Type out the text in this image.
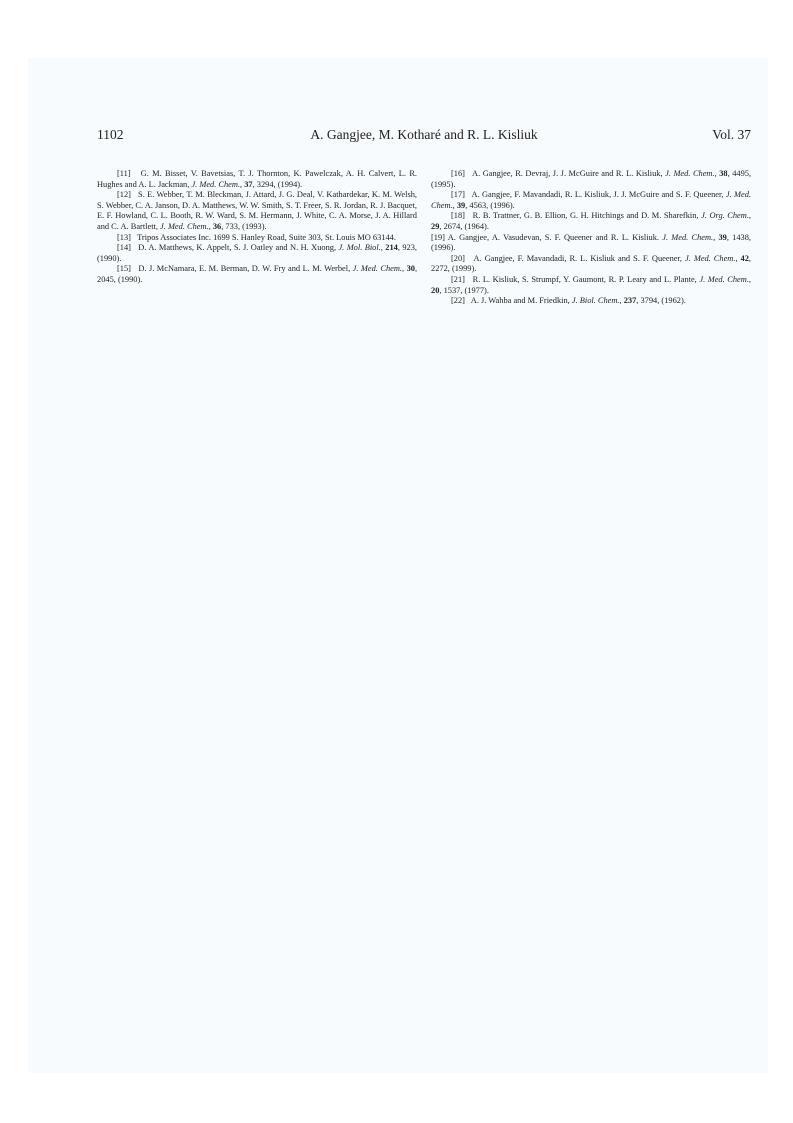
1102	A. Gangjee, M. Kotharé and R. L. Kisliuk	Vol. 37

[11] G. M. Bisset, V. Bavetsias, T. J. Thornton, K. Pawelczak, A. H. Calvert, L. R. Hughes and A. L. Jackman, J. Med. Chem., 37, 3294, (1994).

[12] S. E. Webber, T. M. Bleckman, J. Attard, J. G. Deal, V. Kathardekar, K. M. Welsh, S. Webber, C. A. Janson, D. A. Matthews, W. W. Smith, S. T. Freer, S. R. Jordan, R. J. Bacquet, E. F. Howland, C. L. Booth, R. W. Ward, S. M. Hermann, J. White, C. A. Morse, J. A. Hillard and C. A. Bartlett, J. Med. Chem., 36, 733, (1993).

[13] Tripos Associates Inc. 1699 S. Hanley Road, Suite 303, St. Louis MO 63144.

[14] D. A. Matthews, K. Appelt, S. J. Oatley and N. H. Xuong, J. Mol. Biol., 214, 923, (1990).

[15] D. J. McNamara, E. M. Berman, D. W. Fry and L. M. Werbel, J. Med. Chem., 30, 2045, (1990).

[16] A. Gangjee, R. Devraj, J. J. McGuire and R. L. Kisliuk, J. Med. Chem., 38, 4495, (1995).

[17] A. Gangjee, F. Mavandadi, R. L. Kisliuk, J. J. McGuire and S. F. Queener, J. Med. Chem., 39, 4563, (1996).

[18] R. B. Trattner, G. B. Ellion, G. H. Hitchings and D. M. Sharefkin, J. Org. Chem., 29, 2674, (1964).

[19] A. Gangjee, A. Vasudevan, S. F. Queener and R. L. Kisliuk. J. Med. Chem., 39, 1438, (1996).

[20] A. Gangjee, F. Mavandadi, R. L. Kisliuk and S. F. Queener, J. Med. Chem., 42, 2272, (1999).

[21] R. L. Kisliuk, S. Strumpf, Y. Gaumont, R. P. Leary and L. Plante, J. Med. Chem., 20, 1537, (1977).

[22] A. J. Wahba and M. Friedkin, J. Biol. Chem., 237, 3794, (1962).
